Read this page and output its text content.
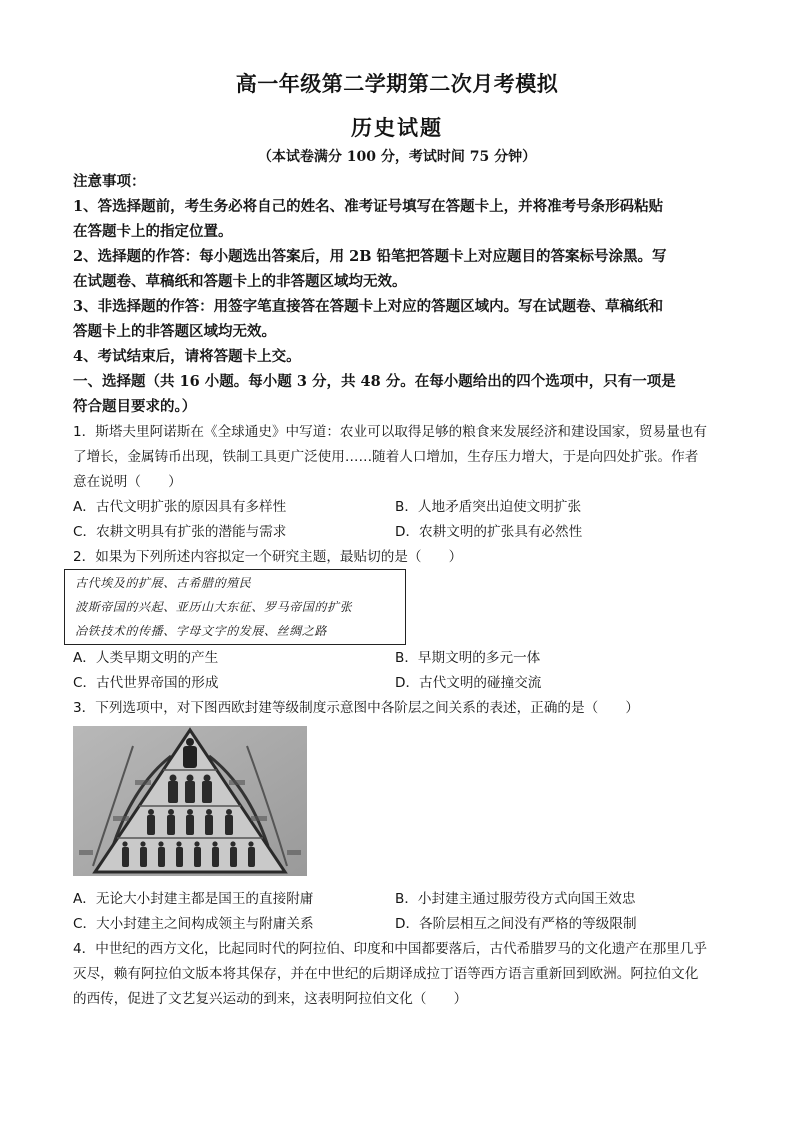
高一年级第二学期第二次月考模拟
历史试题
（本试卷满分 100 分，考试时间 75 分钟）
注意事项：
1、答选择题前，考生务必将自己的姓名、准考证号填写在答题卡上，并将准考号条形码粘贴
在答题卡上的指定位置。
2、选择题的作答：每小题选出答案后，用 2B 铅笔把答题卡上对应题目的答案标号涂黑。写
在试题卷、草稿纸和答题卡上的非答题区域均无效。
3、非选择题的作答：用签字笔直接答在答题卡上对应的答题区域内。写在试题卷、草稿纸和
答题卡上的非答题区域均无效。
4、考试结束后，请将答题卡上交。
一、选择题（共 16 小题。每小题 3 分，共 48 分。在每小题给出的四个选项中，只有一项是
符合题目要求的。）
1．斯塔夫里阿诺斯在《全球通史》中写道：农业可以取得足够的粮食来发展经济和建设国家，贸易量也有
了增长，金属铸币出现，铁制工具更广泛使用……随着人口增加，生存压力增大，于是向四处扩张。作者
意在说明（　　）
A．古代文明扩张的原因具有多样性	B．人地矛盾突出迫使文明扩张
C．农耕文明具有扩张的潜能与需求	D．农耕文明的扩张具有必然性
2．如果为下列所述内容拟定一个研究主题，最贴切的是（　　）
古代埃及的扩展、古希腊的殖民
波斯帝国的兴起、亚历山大东征、罗马帝国的扩张
冶铁技术的传播、字母文字的发展、丝绸之路
A．人类早期文明的产生	B．早期文明的多元一体
C．古代世界帝国的形成	D．古代文明的碰撞交流
3．下列选项中，对下图西欧封建等级制度示意图中各阶层之间关系的表述，正确的是（　　）
A．无论大小封建主都是国王的直接附庸	B．小封建主通过服劳役方式向国王效忠
C．大小封建主之间构成领主与附庸关系	D．各阶层相互之间没有严格的等级限制
4．中世纪的西方文化，比起同时代的阿拉伯、印度和中国都要落后，古代希腊罗马的文化遗产在那里几乎
灭尽，赖有阿拉伯文版本将其保存，并在中世纪的后期译成拉丁语等西方语言重新回到欧洲。阿拉伯文化
的西传，促进了文艺复兴运动的到来，这表明阿拉伯文化（　　）
